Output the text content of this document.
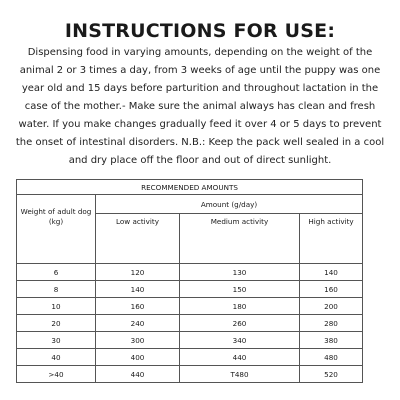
INSTRUCTIONS FOR USE:

Dispensing food in varying amounts, depending on the weight of the animal 2 or 3 times a day, from 3 weeks of age until the puppy was one year old and 15 days before parturition and throughout lactation in the case of the mother.- Make sure the animal always has clean and fresh water. If you make changes gradually feed it over 4 or 5 days to prevent the onset of intestinal disorders. N.B.: Keep the pack well sealed in a cool and dry place off the floor and out of direct sunlight.

RECOMMENDED AMOUNTS			
Weight of adult dog (kg)	Amount (g/day)		
	Low activity	Medium activity	High activity
6	120	130	140
8	140	150	160
10	160	180	200
20	240	260	280
30	300	340	380
40	400	440	480
>40	440	T480	520
